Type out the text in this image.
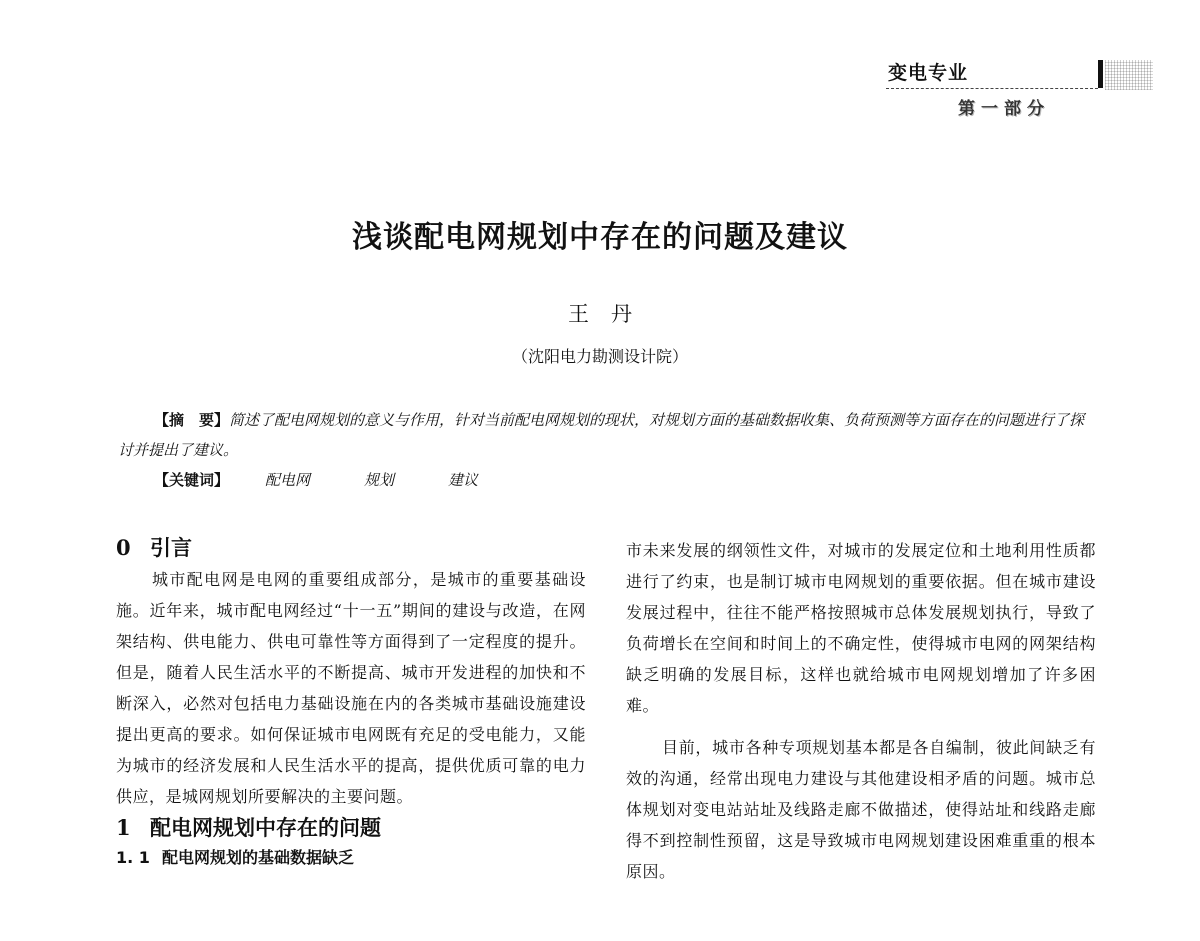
变电专业
第一部分
浅谈配电网规划中存在的问题及建议
王丹
（沈阳电力勘测设计院）

【摘　要】简述了配电网规划的意义与作用，针对当前配电网规划的现状，对规划方面的基础数据收集、负荷预测等方面存在的问题进行了探讨并提出了建议。

【关键词】 配电网	规划	建议

0 引言

城市配电网是电网的重要组成部分，是城市的重要基础设施。近年来，城市配电网经过“十一五”期间的建设与改造，在网架结构、供电能力、供电可靠性等方面得到了一定程度的提升。但是，随着人民生活水平的不断提高、城市开发进程的加快和不断深入，必然对包括电力基础设施在内的各类城市基础设施建设提出更高的要求。如何保证城市电网既有充足的受电能力，又能为城市的经济发展和人民生活水平的提高，提供优质可靠的电力供应，是城网规划所要解决的主要问题。

1 配电网规划中存在的问题
1. 1 配电网规划的基础数据缺乏

市未来发展的纲领性文件，对城市的发展定位和土地利用性质都进行了约束，也是制订城市电网规划的重要依据。但在城市建设发展过程中，往往不能严格按照城市总体发展规划执行，导致了负荷增长在空间和时间上的不确定性，使得城市电网的网架结构缺乏明确的发展目标，这样也就给城市电网规划增加了许多困难。

目前，城市各种专项规划基本都是各自编制，彼此间缺乏有效的沟通，经常出现电力建设与其他建设相矛盾的问题。城市总体规划对变电站站址及线路走廊不做描述，使得站址和线路走廊得不到控制性预留，这是导致城市电网规划建设困难重重的根本原因。
